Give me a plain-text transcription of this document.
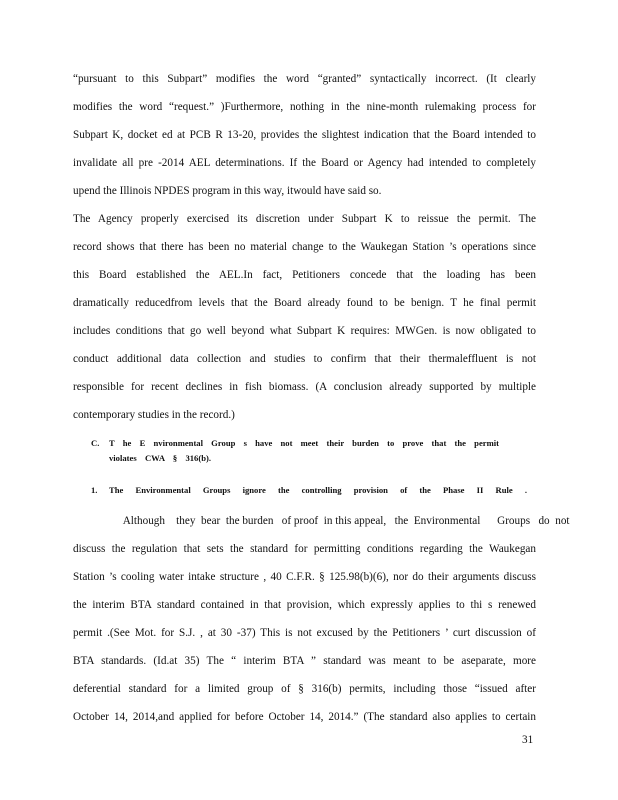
“pursuant to this Subpart” modifies the word “granted” syntactically incorrect. (It clearly
modifies the word “request.” )Furthermore, nothing in the nine-month rulemaking process for
Subpart K, docket ed at PCB R 13-20, provides the slightest indication that the Board intended to
invalidate all pre -2014 AEL determinations. If the Board or Agency had intended to completely
upend the Illinois NPDES program in this way, itwould have said so.
The Agency properly exercised its discretion under Subpart K to reissue the permit. The
record shows that there has been no material change to the Waukegan Station ’s operations since
this Board established the AEL.In fact, Petitioners concede that the loading has been
dramatically reducedfrom levels that the Board already found to be benign. T he final permit
includes conditions that go well beyond what Subpart K requires: MWGen. is now obligated to
conduct additional data collection and studies to confirm that their thermaleffluent is not
responsible for recent declines in fish biomass. (A conclusion already supported by multiple
contemporary studies in the record.)
C.	T he E nvironmental Group s have not meet their burden to prove that the permit
violates CWA § 316(b).
1.	The Environmental Groups ignore the controlling provision of the Phase II Rule .
Although    they  bear  the burden   of proof  in this appeal,   the  Environmental      Groups   do  not
discuss the regulation that sets the standard for permitting conditions regarding the Waukegan
Station ’s cooling water intake structure , 40 C.F.R. § 125.98(b)(6), nor do their arguments discuss
the interim BTA standard contained in that provision, which expressly applies to thi s renewed
permit .(See Mot. for S.J. , at 30 -37) This is not excused by the Petitioners ’ curt discussion of
BTA standards. (Id.at 35) The “ interim BTA ” standard was meant to be aseparate, more
deferential standard for a limited group of § 316(b) permits, including those “issued after
October 14, 2014,and applied for before October 14, 2014.” (The standard also applies to certain
31
